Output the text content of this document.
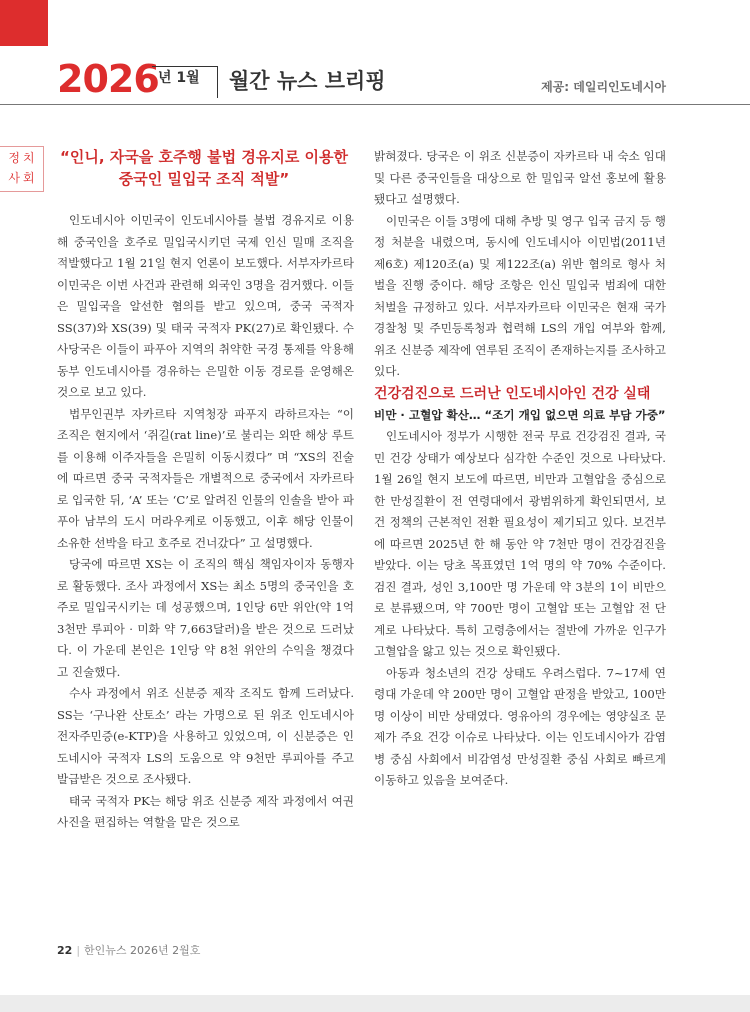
2026 년 1월 월간 뉴스 브리핑	제공: 데일리인도네시아
정치 사회
“인니, 자국을 호주행 불법 경유지로 이용한 중국인 밀입국 조직 적발”

인도네시아 이민국이 인도네시아를 불법 경유지로 이용해 중국인을 호주로 밀입국시키던 국제 인신 밀매 조직을 적발했다고 1월 21일 현지 언론이 보도했다. 서부자카르타 이민국은 이번 사건과 관련해 외국인 3명을 검거했다. 이들은 밀입국을 알선한 혐의를 받고 있으며, 중국 국적자 SS(37)와 XS(39) 및 태국 국적자 PK(27)로 확인됐다. 수사당국은 이들이 파푸아 지역의 취약한 국경 통제를 악용해 동부 인도네시아를 경유하는 은밀한 이동 경로를 운영해온 것으로 보고 있다.

법무인권부 자카르타 지역청장 파푸지 라하르자는 “이 조직은 현지에서 ‘쥐길(rat line)’로 불리는 외딴 해상 루트를 이용해 이주자들을 은밀히 이동시켰다” 며 “XS의 진술에 따르면 중국 국적자들은 개별적으로 중국에서 자카르타로 입국한 뒤, ‘A’ 또는 ‘C’로 알려진 인물의 인솔을 받아 파푸아 남부의 도시 머라우케로 이동했고, 이후 해당 인물이 소유한 선박을 타고 호주로 건너갔다” 고 설명했다.

당국에 따르면 XS는 이 조직의 핵심 책임자이자 동행자로 활동했다. 조사 과정에서 XS는 최소 5명의 중국인을 호주로 밀입국시키는 데 성공했으며, 1인당 6만 위안(약 1억3천만 루피아 · 미화 약 7,663달러)을 받은 것으로 드러났다. 이 가운데 본인은 1인당 약 8천 위안의 수익을 챙겼다고 진술했다.

수사 과정에서 위조 신분증 제작 조직도 함께 드러났다. SS는 ‘구나완 산토소’ 라는 가명으로 된 위조 인도네시아 전자주민증(e-KTP)을 사용하고 있었으며, 이 신분증은 인도네시아 국적자 LS의 도움으로 약 9천만 루피아를 주고 발급받은 것으로 조사됐다.

태국 국적자 PK는 해당 위조 신분증 제작 과정에서 여권 사진을 편집하는 역할을 맡은 것으로

밝혀졌다. 당국은 이 위조 신분증이 자카르타 내 숙소 임대 및 다른 중국인들을 대상으로 한 밀입국 알선 홍보에 활용됐다고 설명했다.

이민국은 이들 3명에 대해 추방 및 영구 입국 금지 등 행정 처분을 내렸으며, 동시에 인도네시아 이민법(2011년 제6호) 제120조(a) 및 제122조(a) 위반 혐의로 형사 처벌을 진행 중이다. 해당 조항은 인신 밀입국 범죄에 대한 처벌을 규정하고 있다. 서부자카르타 이민국은 현재 국가경찰청 및 주민등록청과 협력해 LS의 개입 여부와 함께, 위조 신분증 제작에 연루된 조직이 존재하는지를 조사하고 있다.

건강검진으로 드러난 인도네시아인 건강 실태

비만 · 고혈압 확산… “조기 개입 없으면 의료 부담 가중”

인도네시아 정부가 시행한 전국 무료 건강검진 결과, 국민 건강 상태가 예상보다 심각한 수준인 것으로 나타났다. 1월 26일 현지 보도에 따르면, 비만과 고혈압을 중심으로 한 만성질환이 전 연령대에서 광범위하게 확인되면서, 보건 정책의 근본적인 전환 필요성이 제기되고 있다. 보건부에 따르면 2025년 한 해 동안 약 7천만 명이 건강검진을 받았다. 이는 당초 목표였던 1억 명의 약 70% 수준이다. 검진 결과, 성인 3,100만 명 가운데 약 3분의 1이 비만으로 분류됐으며, 약 700만 명이 고혈압 또는 고혈압 전 단계로 나타났다. 특히 고령층에서는 절반에 가까운 인구가 고혈압을 앓고 있는 것으로 확인됐다.

아동과 청소년의 건강 상태도 우려스럽다. 7~17세 연령대 가운데 약 200만 명이 고혈압 판정을 받았고, 100만 명 이상이 비만 상태였다. 영유아의 경우에는 영양실조 문제가 주요 건강 이슈로 나타났다. 이는 인도네시아가 감염병 중심 사회에서 비감염성 만성질환 중심 사회로 빠르게 이동하고 있음을 보여준다.

22 | 한인뉴스 2026년 2월호
